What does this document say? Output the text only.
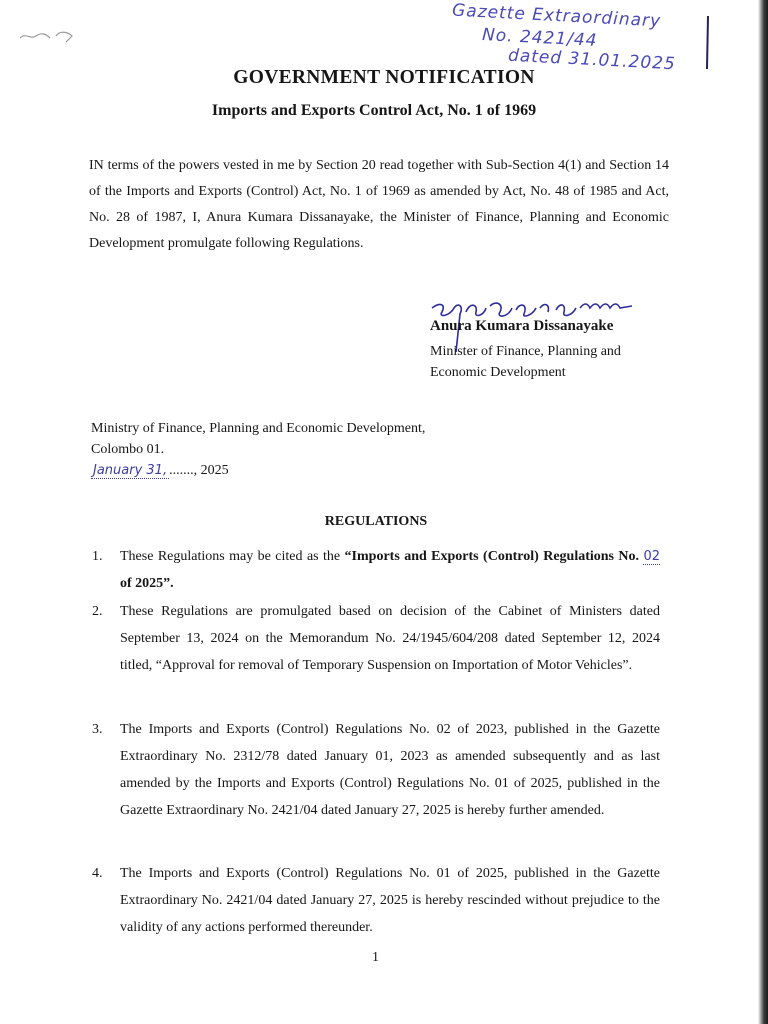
Gazette Extraordinary
No. 2421/44
dated 31.01.2025
GOVERNMENT NOTIFICATION
Imports and Exports Control Act, No. 1 of 1969
IN terms of the powers vested in me by Section 20 read together with Sub-Section 4(1) and Section 14 of the Imports and Exports (Control) Act, No. 1 of 1969 as amended by Act, No. 48 of 1985 and Act, No. 28 of 1987, I, Anura Kumara Dissanayake, the Minister of Finance, Planning and Economic Development promulgate following Regulations.
Anura Kumara Dissanayake
Minister of Finance, Planning and
Economic Development
Ministry of Finance, Planning and Economic Development,
Colombo 01.
January 31, ......., 2025
REGULATIONS
1. These Regulations may be cited as the “Imports and Exports (Control) Regulations No. 02 of 2025”.
2. These Regulations are promulgated based on decision of the Cabinet of Ministers dated September 13, 2024 on the Memorandum No. 24/1945/604/208 dated September 12, 2024 titled, “Approval for removal of Temporary Suspension on Importation of Motor Vehicles”.
3. The Imports and Exports (Control) Regulations No. 02 of 2023, published in the Gazette Extraordinary No. 2312/78 dated January 01, 2023 as amended subsequently and as last amended by the Imports and Exports (Control) Regulations No. 01 of 2025, published in the Gazette Extraordinary No. 2421/04 dated January 27, 2025 is hereby further amended.
4. The Imports and Exports (Control) Regulations No. 01 of 2025, published in the Gazette Extraordinary No. 2421/04 dated January 27, 2025 is hereby rescinded without prejudice to the validity of any actions performed thereunder.
1
